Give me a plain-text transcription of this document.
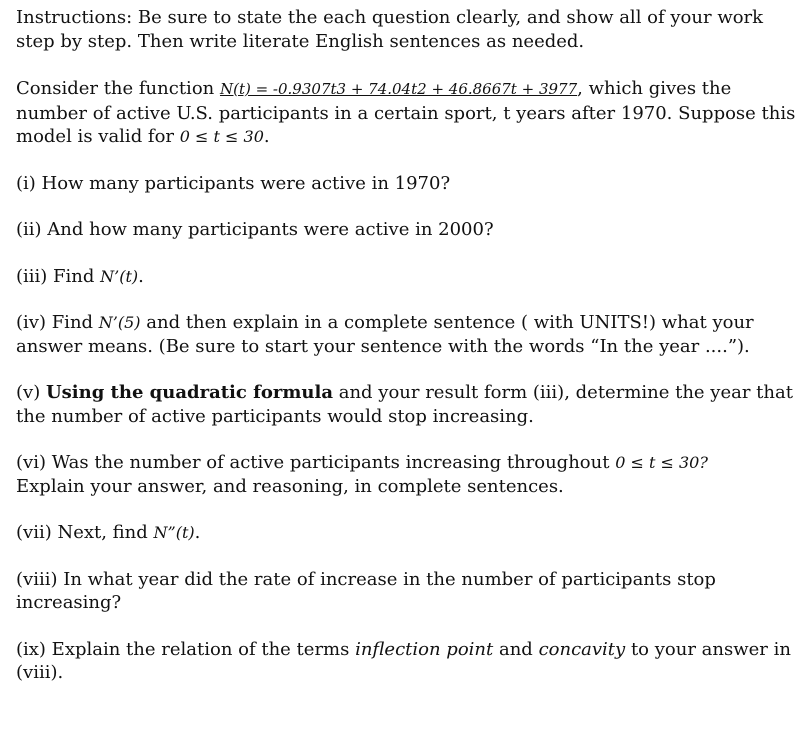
Instructions: Be sure to state the each question clearly, and show all of your work
step by step. Then write literate English sentences as needed.

Consider the function N(t) = -0.9307t3 + 74.04t2 + 46.8667t + 3977, which gives the
number of active U.S. participants in a certain sport, t years after 1970. Suppose this
model is valid for 0 ≤ t ≤ 30.

(i) How many participants were active in 1970?

(ii) And how many participants were active in 2000?

(iii) Find N’(t).

(iv) Find N’(5) and then explain in a complete sentence ( with UNITS!) what your
answer means. (Be sure to start your sentence with the words “In the year ....”).

(v) Using the quadratic formula and your result form (iii), determine the year that
the number of active participants would stop increasing.

(vi) Was the number of active participants increasing throughout 0 ≤ t ≤ 30?
Explain your answer, and reasoning, in complete sentences.

(vii) Next, find N”(t).

(viii) In what year did the rate of increase in the number of participants stop
increasing?

(ix) Explain the relation of the terms inflection point and concavity to your answer in
(viii).
